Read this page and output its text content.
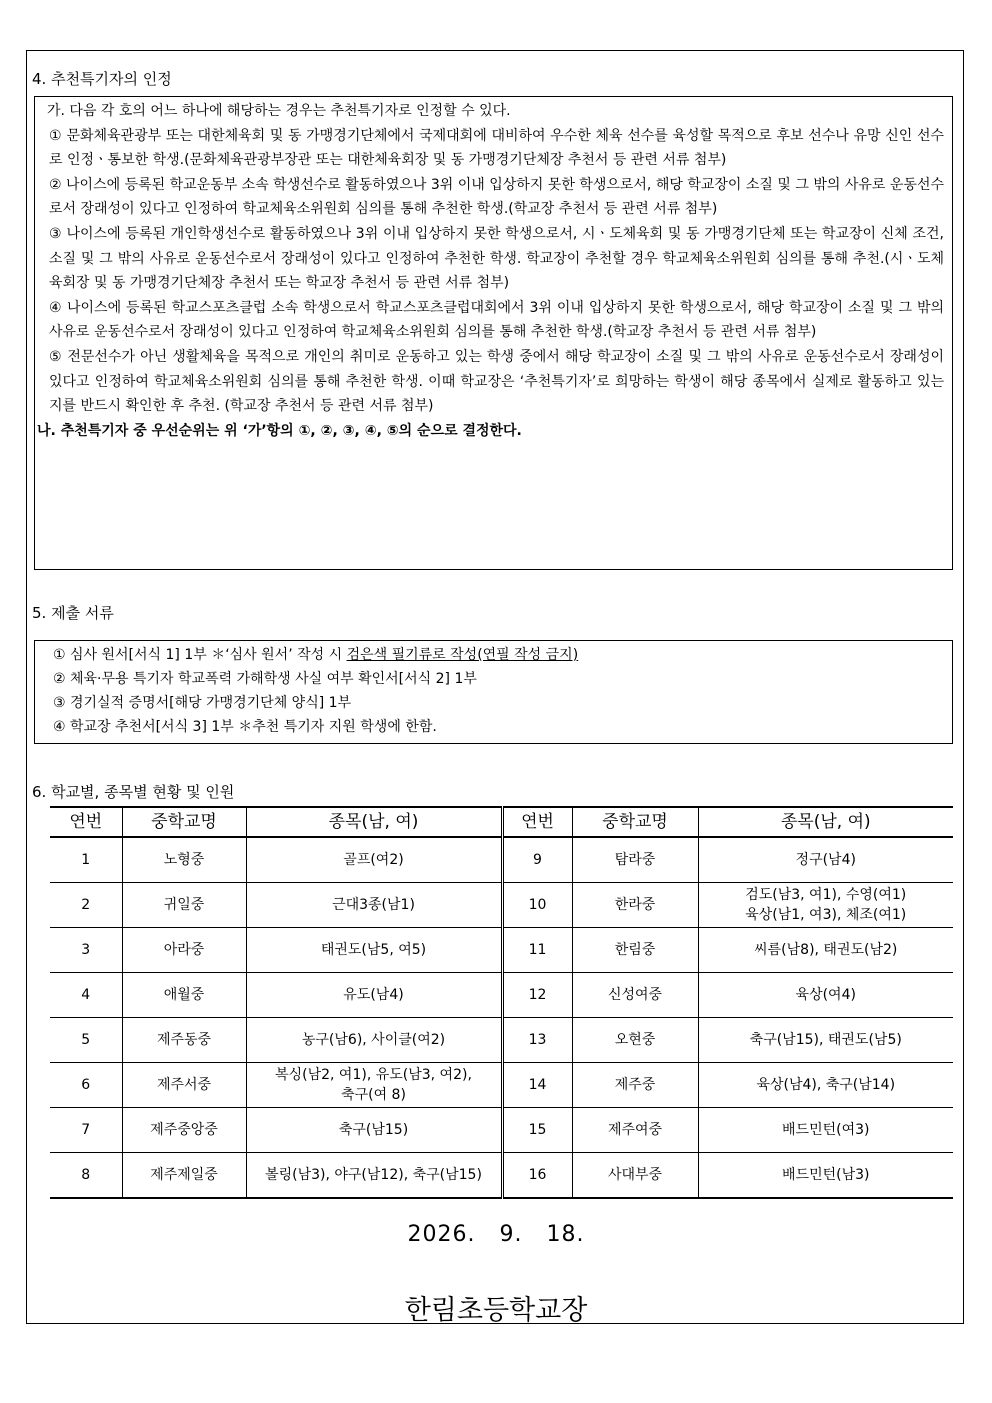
4. 추천특기자의 인정

가. 다음 각 호의 어느 하나에 해당하는 경우는 추천특기자로 인정할 수 있다.

① 문화체육관광부 또는 대한체육회 및 동 가맹경기단체에서 국제대회에 대비하여 우수한 체육 선수를 육성할 목적으로 후보 선수나 유망 신인 선수로 인정ㆍ통보한 학생.(문화체육관광부장관 또는 대한체육회장 및 동 가맹경기단체장 추천서 등 관련 서류 첨부)

② 나이스에 등록된 학교운동부 소속 학생선수로 활동하였으나 3위 이내 입상하지 못한 학생으로서, 해당 학교장이 소질 및 그 밖의 사유로 운동선수로서 장래성이 있다고 인정하여 학교체육소위원회 심의를 통해 추천한 학생.(학교장 추천서 등 관련 서류 첨부)

③ 나이스에 등록된 개인학생선수로 활동하였으나 3위 이내 입상하지 못한 학생으로서, 시ㆍ도체육회 및 동 가맹경기단체 또는 학교장이 신체 조건, 소질 및 그 밖의 사유로 운동선수로서 장래성이 있다고 인정하여 추천한 학생. 학교장이 추천할 경우 학교체육소위원회 심의를 통해 추천.(시ㆍ도체육회장 및 동 가맹경기단체장 추천서 또는 학교장 추천서 등 관련 서류 첨부)

④ 나이스에 등록된 학교스포츠클럽 소속 학생으로서 학교스포츠클럽대회에서 3위 이내 입상하지 못한 학생으로서, 해당 학교장이 소질 및 그 밖의 사유로 운동선수로서 장래성이 있다고 인정하여 학교체육소위원회 심의를 통해 추천한 학생.(학교장 추천서 등 관련 서류 첨부)

⑤ 전문선수가 아닌 생활체육을 목적으로 개인의 취미로 운동하고 있는 학생 중에서 해당 학교장이 소질 및 그 밖의 사유로 운동선수로서 장래성이 있다고 인정하여 학교체육소위원회 심의를 통해 추천한 학생. 이때 학교장은 ‘추천특기자’로 희망하는 학생이 해당 종목에서 실제로 활동하고 있는지를 반드시 확인한 후 추천. (학교장 추천서 등 관련 서류 첨부)

나. 추천특기자 중 우선순위는 위 ‘가’항의 ①, ②, ③, ④, ⑤의 순으로 결정한다.

5. 제출 서류
① 심사 원서[서식 1] 1부 ＊‘심사 원서’ 작성 시 검은색 필기류로 작성(연필 작성 금지)
② 체육·무용 특기자 학교폭력 가해학생 사실 여부 확인서[서식 2] 1부
③ 경기실적 증명서[해당 가맹경기단체 양식] 1부
④ 학교장 추천서[서식 3] 1부 ＊추천 특기자 지원 학생에 한함.
6. 학교별, 종목별 현황 및 인원
연번	중학교명	종목(남, 여)	연번	중학교명	종목(남, 여)
1	노형중	골프(여2)	9	탐라중	정구(남4)
2	귀일중	근대3종(남1)	10	한라중	검도(남3, 여1), 수영(여1)
육상(남1, 여3), 체조(여1)
3	아라중	태권도(남5, 여5)	11	한림중	씨름(남8), 태권도(남2)
4	애월중	유도(남4)	12	신성여중	육상(여4)
5	제주동중	농구(남6), 사이클(여2)	13	오현중	축구(남15), 태권도(남5)
6	제주서중	복싱(남2, 여1), 유도(남3, 여2),
축구(여 8)	14	제주중	육상(남4), 축구(남14)
7	제주중앙중	축구(남15)	15	제주여중	배드민턴(여3)
8	제주제일중	볼링(남3), 야구(남12), 축구(남15)	16	사대부중	배드민턴(남3)
2026.   9.   18.
한림초등학교장
